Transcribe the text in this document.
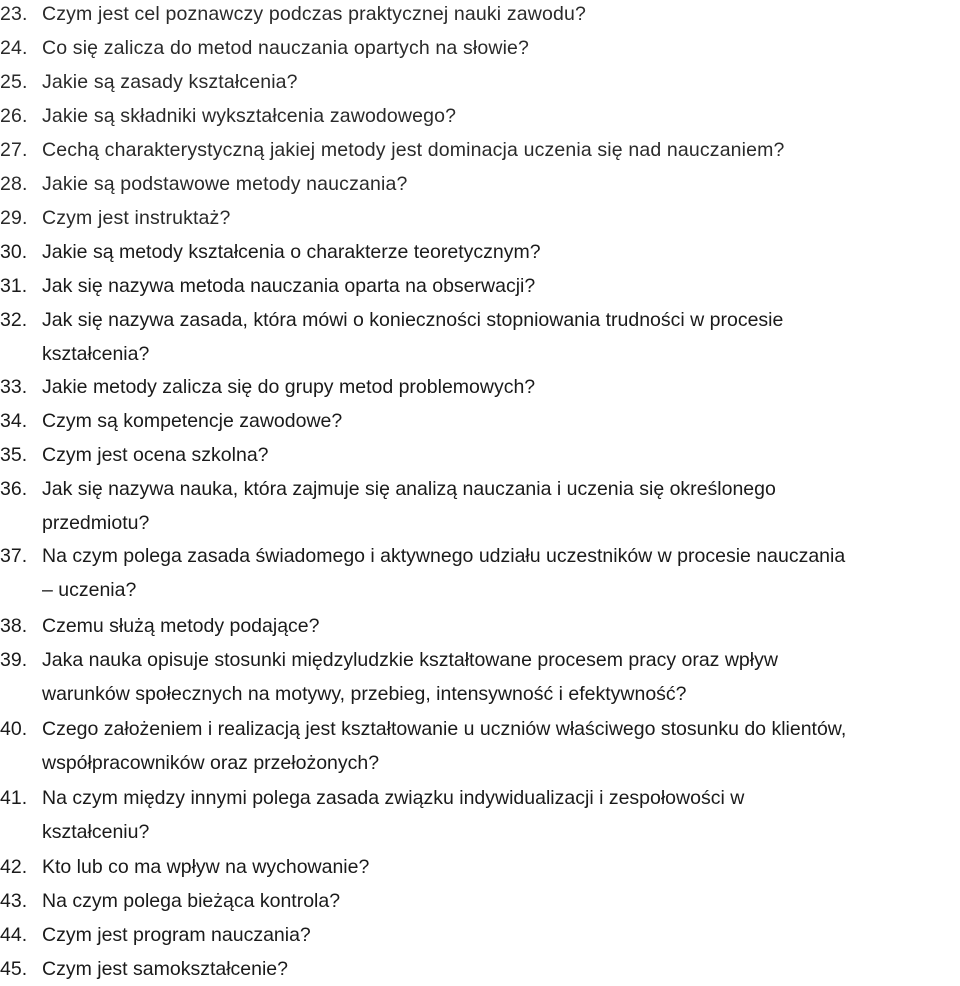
23. Czym jest cel poznawczy podczas praktycznej nauki zawodu?
24. Co się zalicza do metod nauczania opartych na słowie?
25. Jakie są zasady kształcenia?
26. Jakie są składniki wykształcenia zawodowego?
27. Cechą charakterystyczną jakiej metody jest dominacja uczenia się nad nauczaniem?
28. Jakie są podstawowe metody nauczania?
29. Czym jest instruktaż?
30. Jakie są metody kształcenia o charakterze teoretycznym?
31. Jak się nazywa metoda nauczania oparta na obserwacji?
32. Jak się nazywa zasada, która mówi o konieczności stopniowania trudności w procesie
kształcenia?
33. Jakie metody zalicza się do grupy metod problemowych?
34. Czym są kompetencje zawodowe?
35. Czym jest ocena szkolna?
36. Jak się nazywa nauka, która zajmuje się analizą nauczania i uczenia się określonego
przedmiotu?
37. Na czym polega zasada świadomego i aktywnego udziału uczestników w procesie nauczania
– uczenia?
38. Czemu służą metody podające?
39. Jaka nauka opisuje stosunki międzyludzkie kształtowane procesem pracy oraz wpływ
warunków społecznych na motywy, przebieg, intensywność i efektywność?
40. Czego założeniem i realizacją jest kształtowanie u uczniów właściwego stosunku do klientów,
współpracowników oraz przełożonych?
41. Na czym między innymi polega zasada związku indywidualizacji i zespołowości w
kształceniu?
42. Kto lub co ma wpływ na wychowanie?
43. Na czym polega bieżąca kontrola?
44. Czym jest program nauczania?
45. Czym jest samokształcenie?
